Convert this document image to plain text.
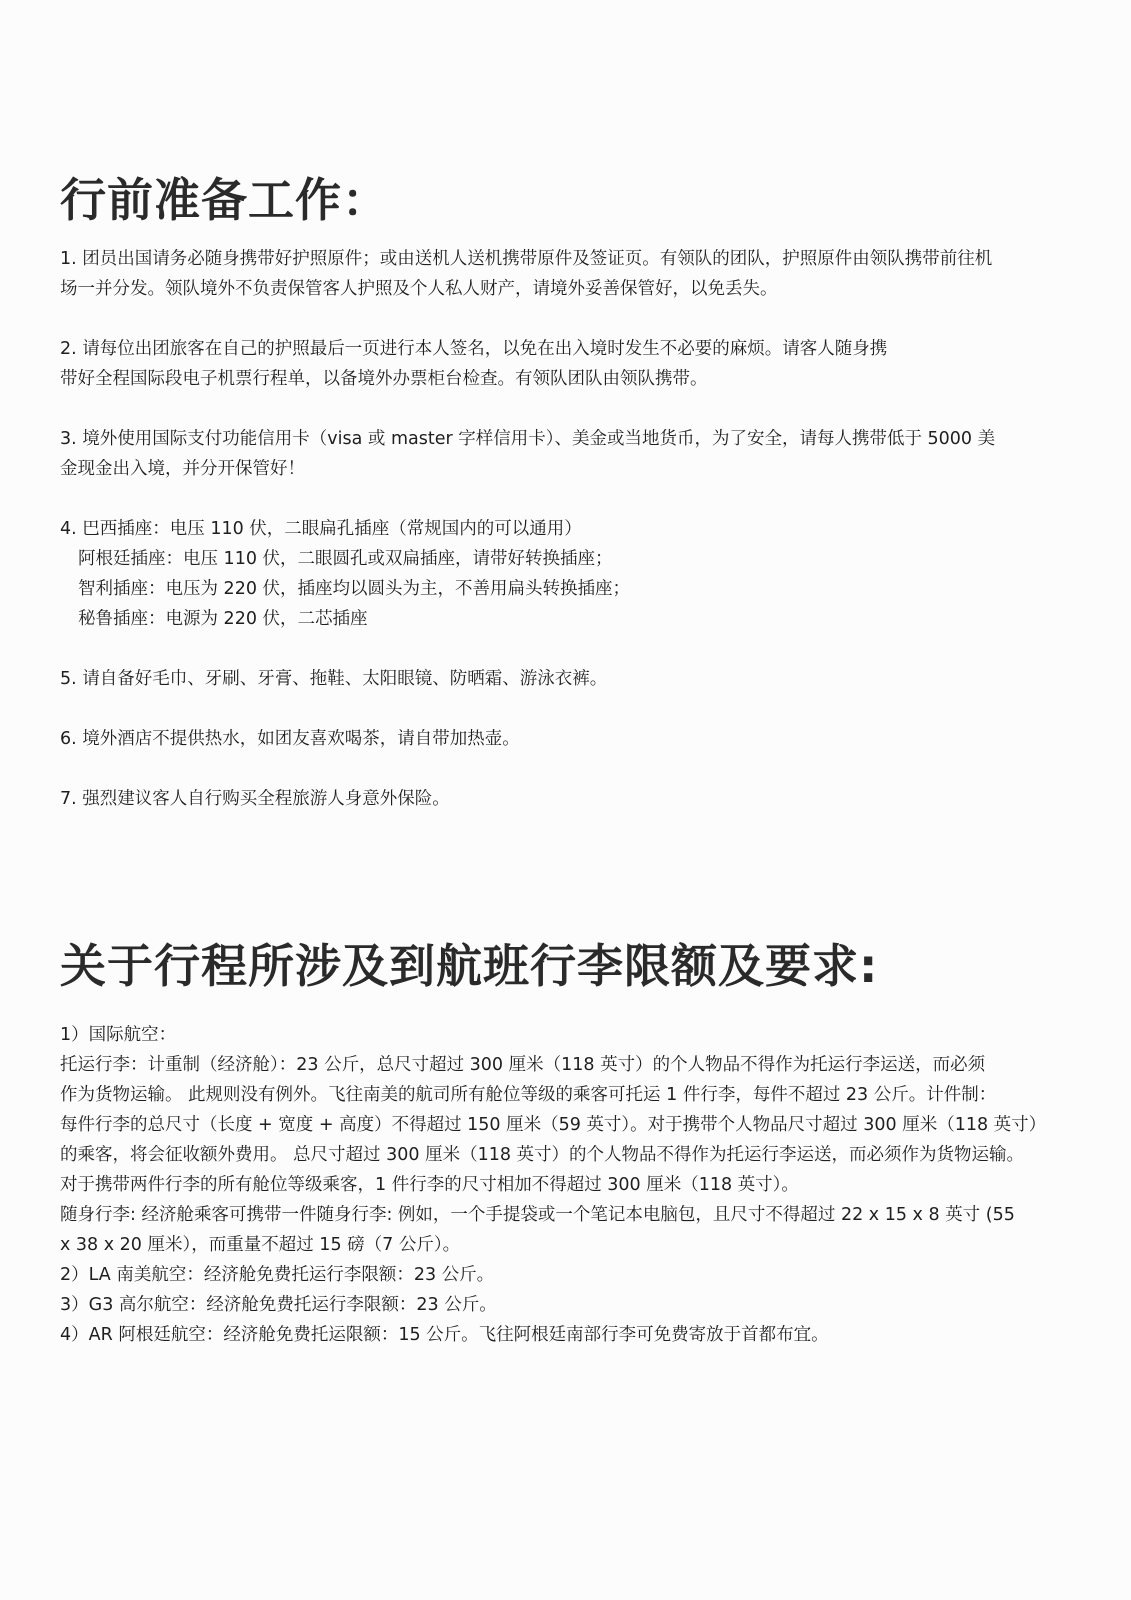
行前准备工作：
1. 团员出国请务必随身携带好护照原件；或由送机人送机携带原件及签证页。有领队的团队，护照原件由领队携带前往机
场一并分发。领队境外不负责保管客人护照及个人私人财产，请境外妥善保管好，以免丢失。
2. 请每位出团旅客在自己的护照最后一页进行本人签名，以免在出入境时发生不必要的麻烦。请客人随身携
带好全程国际段电子机票行程单，以备境外办票柜台检查。有领队团队由领队携带。
3. 境外使用国际支付功能信用卡（visa 或 master 字样信用卡）、美金或当地货币，为了安全，请每人携带低于 5000 美
金现金出入境，并分开保管好！
4. 巴西插座：电压 110 伏，二眼扁孔插座（常规国内的可以通用）
阿根廷插座：电压 110 伏，二眼圆孔或双扁插座，请带好转换插座；
智利插座：电压为 220 伏，插座均以圆头为主，不善用扁头转换插座；
秘鲁插座：电源为 220 伏，二芯插座
5. 请自备好毛巾、牙刷、牙膏、拖鞋、太阳眼镜、防晒霜、游泳衣裤。
6. 境外酒店不提供热水，如团友喜欢喝茶，请自带加热壶。
7. 强烈建议客人自行购买全程旅游人身意外保险。
关于行程所涉及到航班行李限额及要求:
1）国际航空：
托运行李：计重制（经济舱）：23 公斤，总尺寸超过 300 厘米（118 英寸）的个人物品不得作为托运行李运送，而必须
作为货物运输。 此规则没有例外。飞往南美的航司所有舱位等级的乘客可托运 1 件行李，每件不超过 23 公斤。计件制：
每件行李的总尺寸（长度 + 宽度 + 高度）不得超过 150 厘米（59 英寸）。对于携带个人物品尺寸超过 300 厘米（118 英寸）
的乘客，将会征收额外费用。 总尺寸超过 300 厘米（118 英寸）的个人物品不得作为托运行李运送，而必须作为货物运输。
对于携带两件行李的所有舱位等级乘客，1 件行李的尺寸相加不得超过 300 厘米（118 英寸）。
随身行李: 经济舱乘客可携带一件随身行李: 例如，一个手提袋或一个笔记本电脑包，且尺寸不得超过 22 x 15 x 8 英寸 (55
x 38 x 20 厘米），而重量不超过 15 磅（7 公斤）。
2）LA 南美航空：经济舱免费托运行李限额：23 公斤。
3）G3 高尔航空：经济舱免费托运行李限额：23 公斤。
4）AR 阿根廷航空：经济舱免费托运限额：15 公斤。飞往阿根廷南部行李可免费寄放于首都布宜。
